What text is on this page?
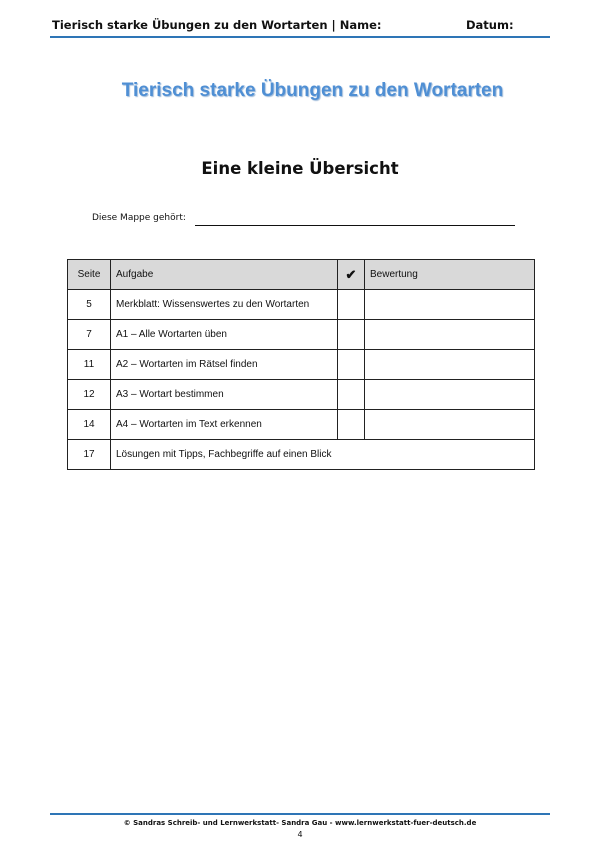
Tierisch starke Übungen zu den Wortarten | Name:	Datum:
Tierisch starke Übungen zu den Wortarten
Eine kleine Übersicht
Diese Mappe gehört:
Seite	Aufgabe	✔	Bewertung
5	Merkblatt: Wissenswertes zu den Wortarten		
7	A1 – Alle Wortarten üben		
11	A2 – Wortarten im Rätsel finden		
12	A3 – Wortart bestimmen		
14	A4 – Wortarten im Text erkennen		
17	Lösungen mit Tipps, Fachbegriffe auf einen Blick		
© Sandras Schreib- und Lernwerkstatt- Sandra Gau - www.lernwerkstatt-fuer-deutsch.de
4
